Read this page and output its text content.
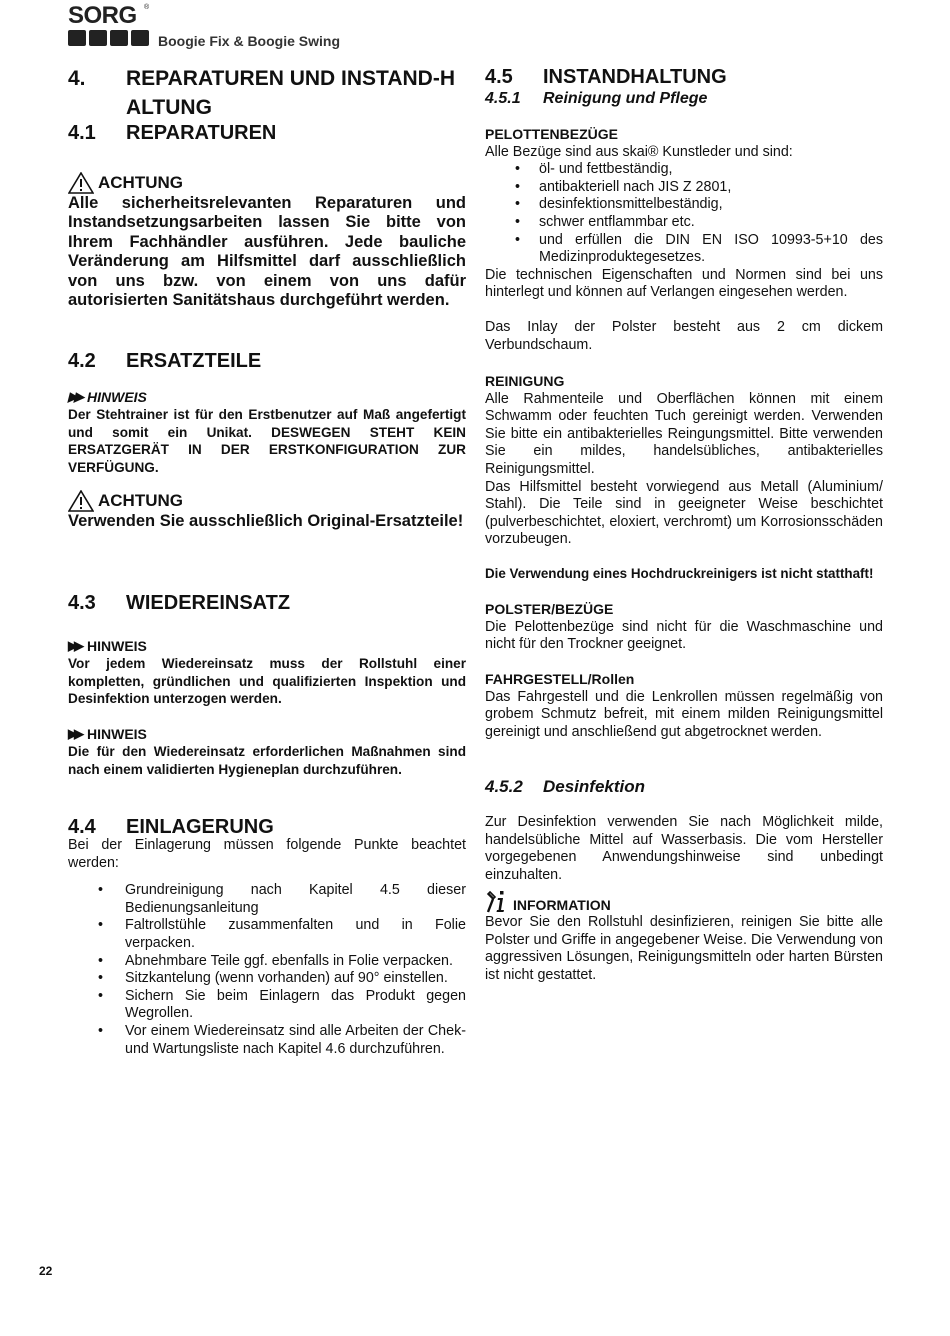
SORG ®
Boogie Fix & Boogie Swing
4.	REPARATUREN UND INSTAND-HALTUNG
4.1	REPARATUREN
ACHTUNG
Alle sicherheitsrelevanten Reparaturen und Instandsetzungsarbeiten lassen Sie bitte von Ihrem Fachhändler ausführen. Jede bauliche Veränderung am Hilfsmittel darf ausschließlich von uns bzw. von einem von uns dafür autorisierten Sanitätshaus durchgeführt werden.
4.2	ERSATZTEILE
▶▶ HINWEIS
Der Stehtrainer ist für den Erstbenutzer auf Maß angefertigt und somit ein Unikat. DESWEGEN STEHT KEIN ERSATZGERÄT IN DER ERSTKONFIGURATION ZUR VERFÜGUNG.
ACHTUNG
Verwenden Sie ausschließlich Original-Ersatzteile!
4.3	WIEDEREINSATZ
▶▶ HINWEIS
Vor jedem Wiedereinsatz muss der Rollstuhl einer kompletten, gründlichen und qualifizierten Inspektion und Desinfektion unterzogen werden.
▶▶ HINWEIS
Die für den Wiedereinsatz erforderlichen Maßnahmen sind nach einem validierten Hygieneplan durchzuführen.
4.4	EINLAGERUNG
Bei der Einlagerung müssen folgende Punkte beachtet werden:
• Grundreinigung nach Kapitel 4.5 dieser Bedienungsanleitung
• Faltrollstühle zusammenfalten und in Folie verpacken.
• Abnehmbare Teile ggf. ebenfalls in Folie verpacken.
• Sitzkantelung (wenn vorhanden) auf 90° einstellen.
• Sichern Sie beim Einlagern das Produkt gegen Wegrollen.
• Vor einem Wiedereinsatz sind alle Arbeiten der Chek- und Wartungsliste nach Kapitel 4.6 durchzuführen.
4.5	INSTANDHALTUNG
4.5.1	Reinigung und Pflege
PELOTTENBEZÜGE
Alle Bezüge sind aus skai® Kunstleder und sind:
• öl- und fettbeständig,
• antibakteriell nach JIS Z 2801,
• desinfektionsmittelbeständig,
• schwer entflammbar etc.
• und erfüllen die DIN EN ISO 10993-5+10 des Medizinproduktegesetzes.
Die technischen Eigenschaften und Normen sind bei uns hinterlegt und können auf Verlangen eingesehen werden.
Das Inlay der Polster besteht aus 2 cm dickem Verbundschaum.
REINIGUNG
Alle Rahmenteile und Oberflächen können mit einem Schwamm oder feuchten Tuch gereinigt werden. Verwenden Sie bitte ein antibakterielles Reingungsmittel. Bitte verwenden Sie ein mildes, handelsübliches, antibakterielles Reinigungsmittel.
Das Hilfsmittel besteht vorwiegend aus Metall (Aluminium/ Stahl). Die Teile sind in geeigneter Weise beschichtet (pulverbeschichtet, eloxiert, verchromt) um Korrosionsschäden vorzubeugen.
Die Verwendung eines Hochdruckreinigers ist nicht statthaft!
POLSTER/BEZÜGE
Die Pelottenbezüge sind nicht für die Waschmaschine und nicht für den Trockner geeignet.
FAHRGESTELL/Rollen
Das Fahrgestell und die Lenkrollen müssen regelmäßig von grobem Schmutz befreit, mit einem milden Reinigungsmittel gereinigt und anschließend gut abgetrocknet werden.
4.5.2	Desinfektion
Zur Desinfektion verwenden Sie nach Möglichkeit milde, handelsübliche Mittel auf Wasserbasis. Die vom Hersteller vorgegebenen Anwendungshinweise sind unbedingt einzuhalten.
INFORMATION
Bevor Sie den Rollstuhl desinfizieren, reinigen Sie bitte alle Polster und Griffe in angegebener Weise. Die Verwendung von aggressiven Lösungen, Reinigungsmitteln oder harten Bürsten ist nicht gestattet.
22
